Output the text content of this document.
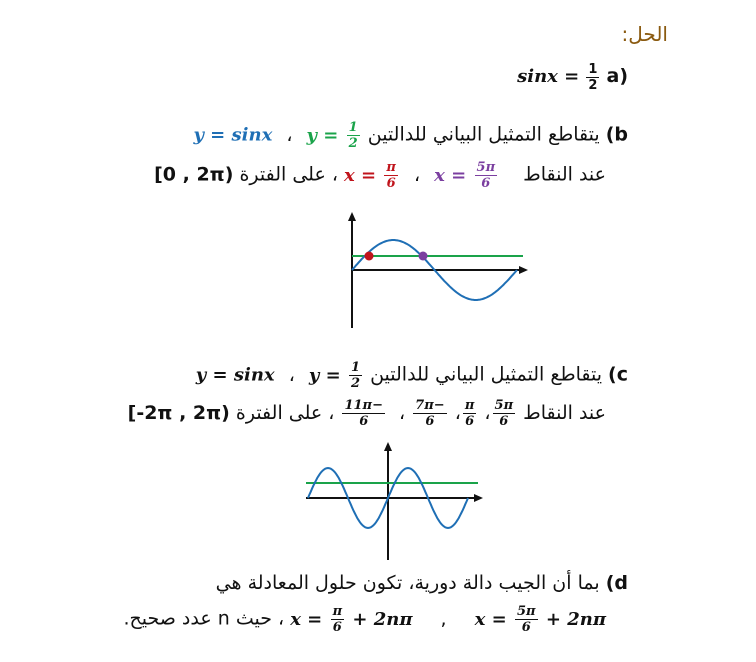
الحل:
(a
$\frac{1}{2}$
sinx =
b) يتقاطع التمثيل البياني للدالتين $y = \frac{1}{2}$
، y = sinx
عند النقاط $x = \frac{5\pi}{6}$
، $x = \frac{\pi}{6}$
، على الفترة [0 , 2π)
c) يتقاطع التمثيل البياني للدالتين $y = \frac{1}{2}$
، y = sinx
عند النقاط
$\frac{5\pi}{6}$
،
$\frac{\pi}{6}$
،
$\frac{-7\pi}{6}$
،
$\frac{-11\pi}{6}$
، على الفترة [-2π , 2π)
d) بما أن الجيب دالة دورية، تكون حلول المعادلة هي
$x = \frac{5\pi}{6} + 2n\pi$ , $x = \frac{\pi}{6} + 2n\pi$ ، حيث n عدد صحيح.
